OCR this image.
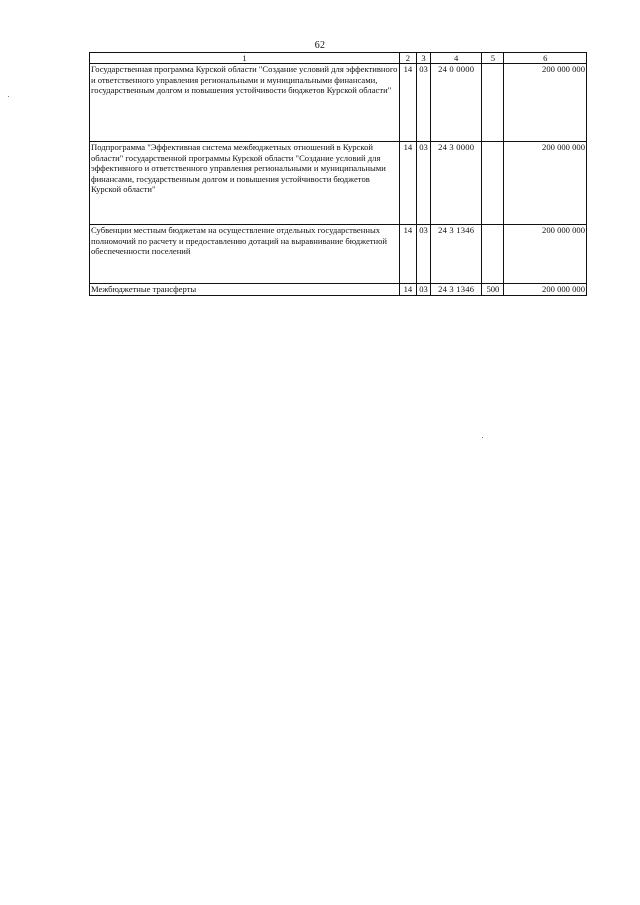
62
1	2	3	4	5	6
Государственная программа Курской области "Создание условий для эффективного и ответственного управления региональными и муниципальными финансами, государственным долгом и повышения устойчивости бюджетов Курской области"	14	03	24 0 0000		200 000 000
Подпрограмма "Эффективная система межбюджетных отношений в Курской области" государственной программы Курской области "Создание условий для эффективного и ответственного управления региональными и муниципальными финансами, государственным долгом и повышения устойчивости бюджетов Курской области"	14	03	24 3 0000		200 000 000
Субвенции местным бюджетам на осуществление отдельных государственных полномочий по расчету и предоставлению дотаций на выравнивание бюджетной обеспеченности поселений	14	03	24 3 1346		200 000 000
Межбюджетные трансферты	14	03	24 3 1346	500	200 000 000
